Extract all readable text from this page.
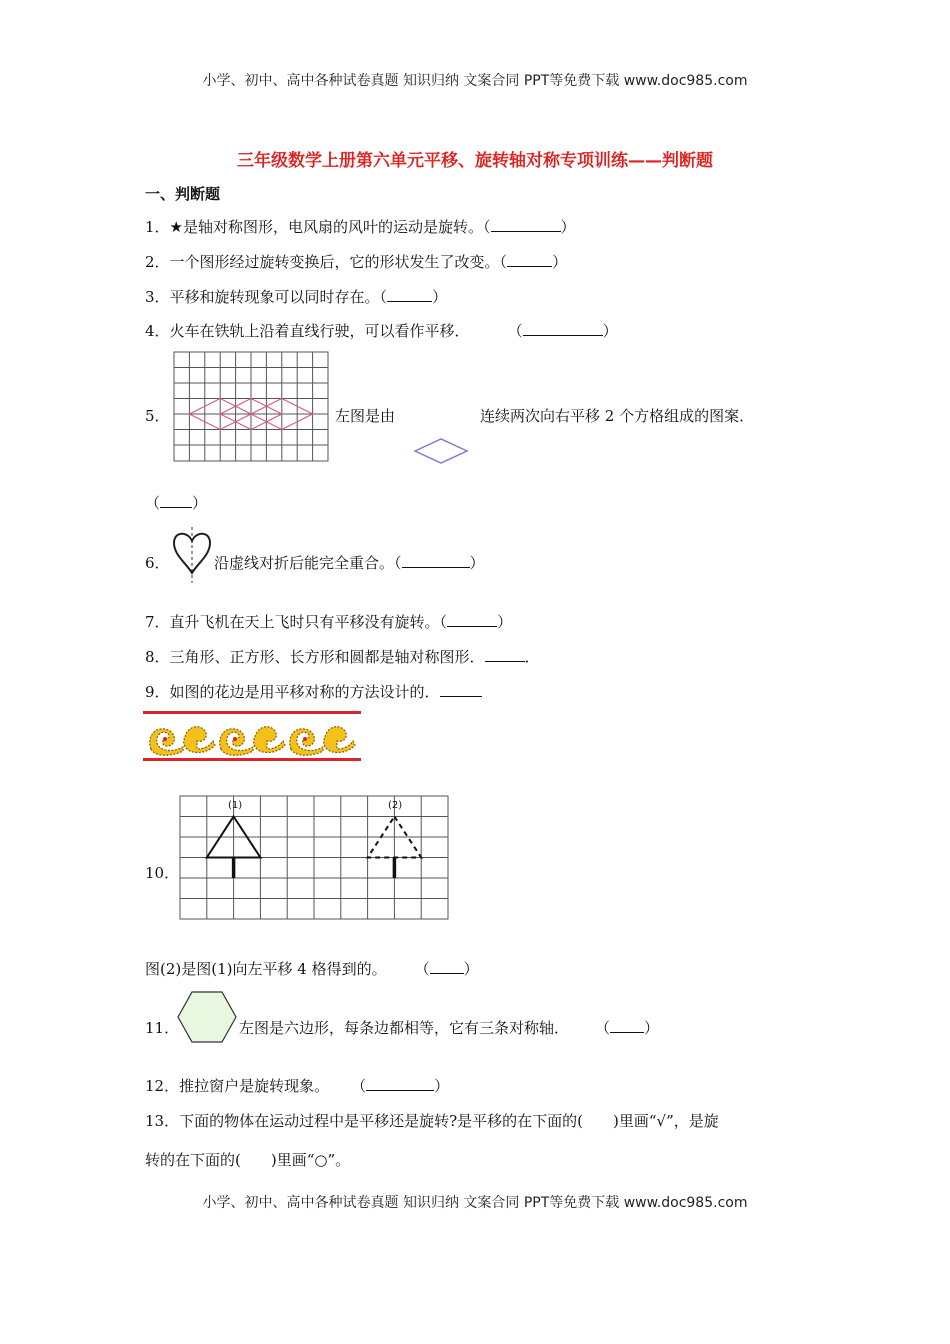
小学、初中、高中各种试卷真题 知识归纳 文案合同 PPT等免费下载 www.doc985.com
三年级数学上册第六单元平移、旋转轴对称专项训练——判断题
一、判断题
1．★是轴对称图形，电风扇的风叶的运动是旋转。（	）
2．一个图形经过旋转变换后，它的形状发生了改变。（	）
3．平移和旋转现象可以同时存在。（	）
4．火车在铁轨上沿着直线行驶，可以看作平移．	（	）
5．	左图是由	连续两次向右平移 2 个方格组成的图案．
（ ）
6．	沿虚线对折后能完全重合。（	）
7．直升飞机在天上飞时只有平移没有旋转。（	）
8．三角形、正方形、长方形和圆都是轴对称图形．	．
9．如图的花边是用平移对称的方法设计的．
10．
(1)	(2)
图(2)是图(1)向左平移 4 格得到的。 （ ）
11．	左图是六边形，每条边都相等，它有三条对称轴． （ ）
12．推拉窗户是旋转现象。 （	）
13．下面的物体在运动过程中是平移还是旋转?是平移的在下面的(　　)里画“√”，是旋
转的在下面的(　　)里画“○”。
小学、初中、高中各种试卷真题 知识归纳 文案合同 PPT等免费下载 www.doc985.com
